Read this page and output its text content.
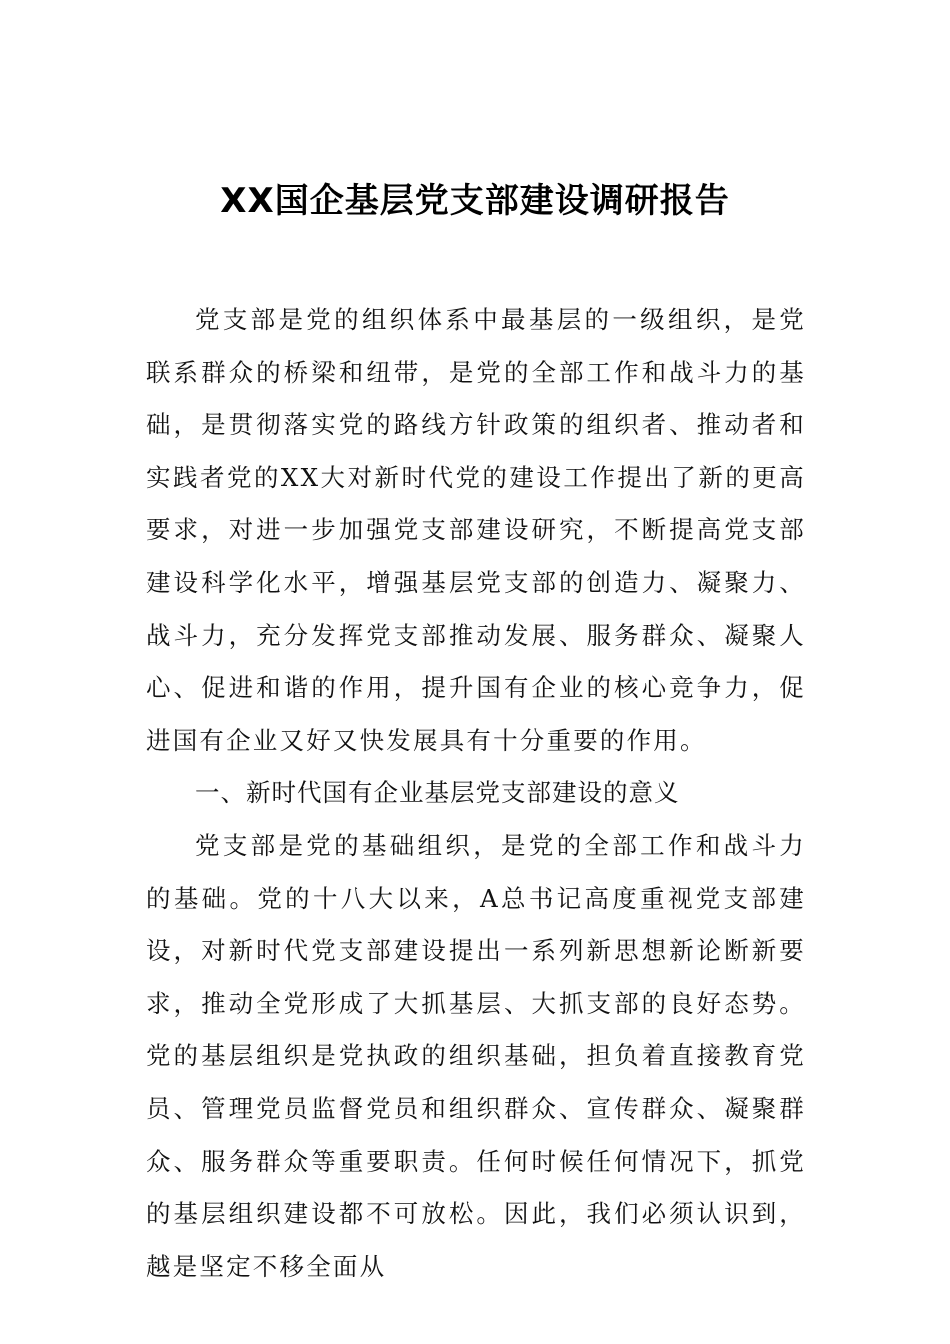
XX国企基层党支部建设调研报告

党支部是党的组织体系中最基层的一级组织，是党联系群众的桥梁和纽带，是党的全部工作和战斗力的基础，是贯彻落实党的路线方针政策的组织者、推动者和实践者党的XX大对新时代党的建设工作提出了新的更高要求，对进一步加强党支部建设研究，不断提高党支部建设科学化水平，增强基层党支部的创造力、凝聚力、战斗力，充分发挥党支部推动发展、服务群众、凝聚人心、促进和谐的作用，提升国有企业的核心竞争力，促进国有企业又好又快发展具有十分重要的作用。

一、新时代国有企业基层党支部建设的意义

党支部是党的基础组织，是党的全部工作和战斗力的基础。党的十八大以来，A总书记高度重视党支部建设，对新时代党支部建设提出一系列新思想新论断新要求，推动全党形成了大抓基层、大抓支部的良好态势。党的基层组织是党执政的组织基础，担负着直接教育党员、管理党员监督党员和组织群众、宣传群众、凝聚群众、服务群众等重要职责。任何时候任何情况下，抓党的基层组织建设都不可放松。因此，我们必须认识到，越是坚定不移全面从
